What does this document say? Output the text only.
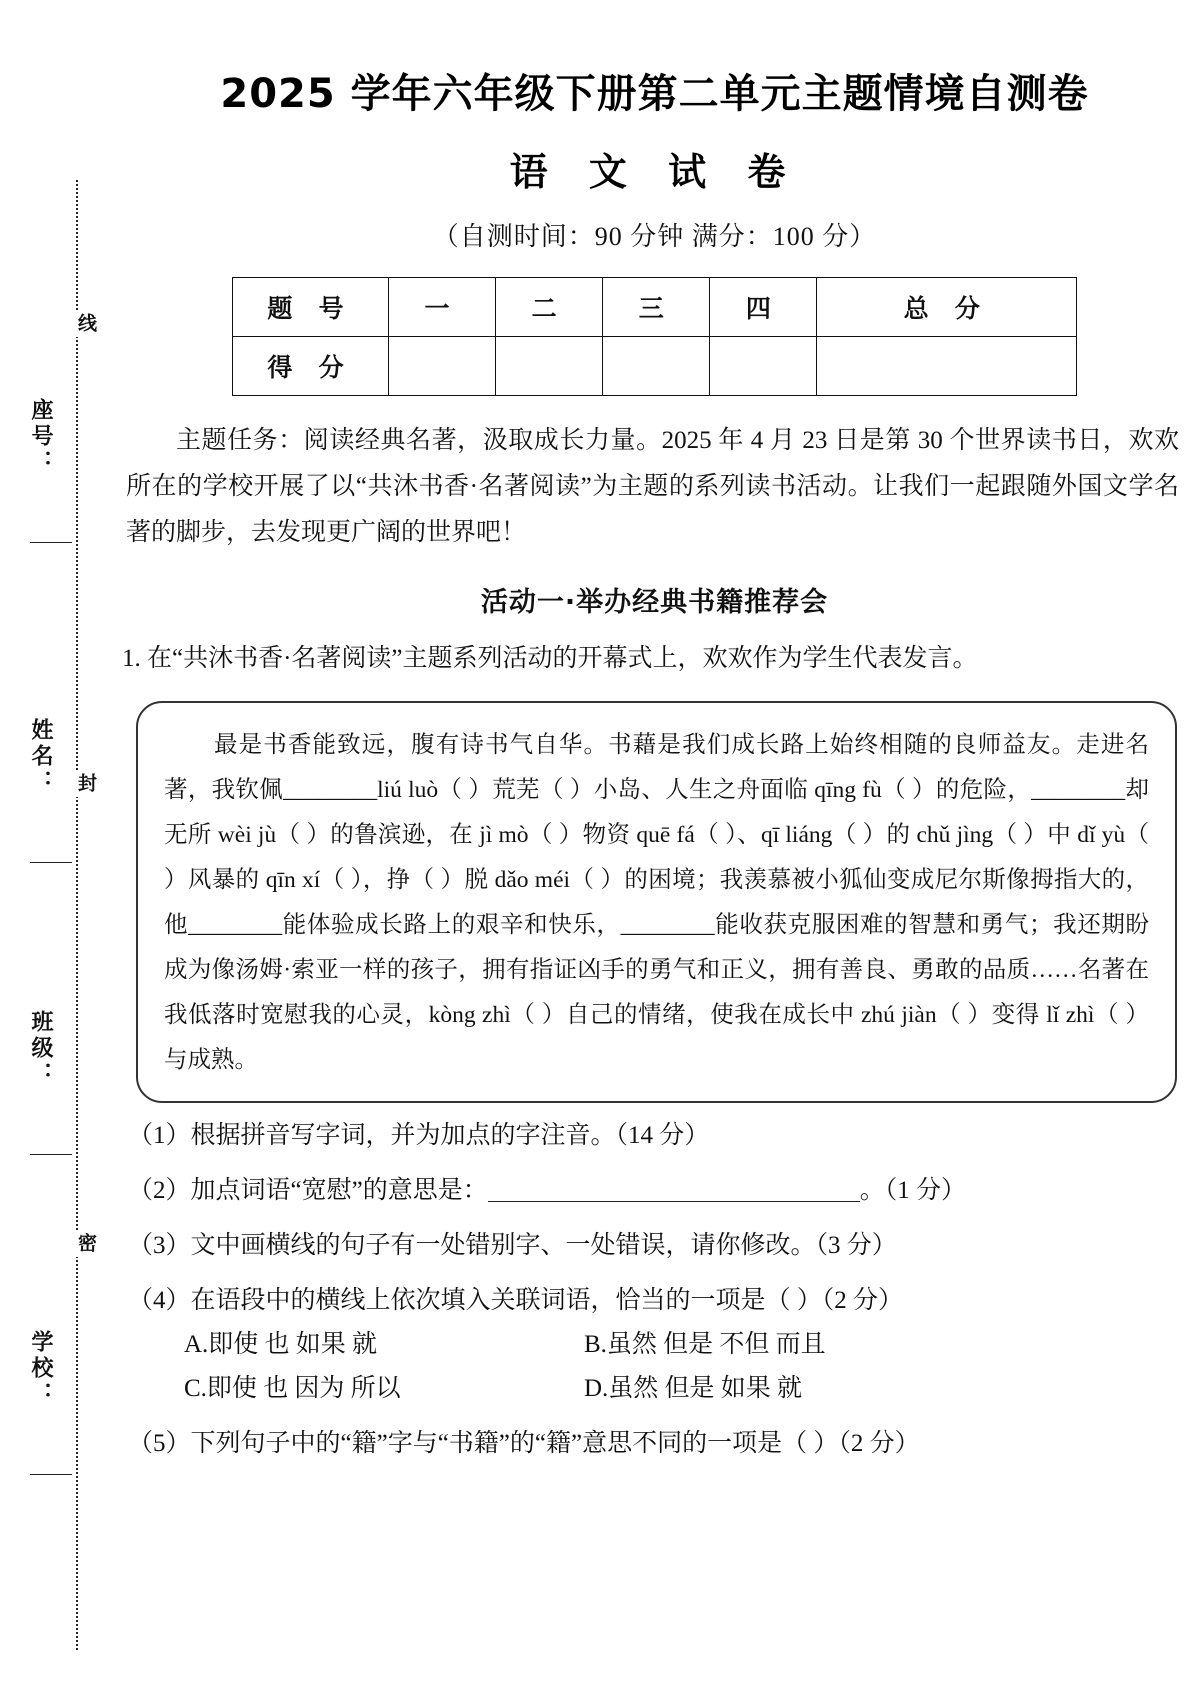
线
封
密
座号：
姓名：
班级：
学校：
2025 学年六年级下册第二单元主题情境自测卷
语 文 试 卷
（自测时间：90 分钟 满分：100 分）
题 号	一	二	三	四	总 分
得 分					
主题任务：阅读经典名著，汲取成长力量。2025 年 4 月 23 日是第 30 个世界读书日，欢欢所在的学校开展了以“共沐书香·名著阅读”为主题的系列读书活动。让我们一起跟随外国文学名著的脚步，去发现更广阔的世界吧！
活动一·举办经典书籍推荐会
1. 在“共沐书香·名著阅读”主题系列活动的开幕式上，欢欢作为学生代表发言。

最是书香能致远，腹有诗书气自华。书藉是我们成长路上始终相随的良师益友。走进名著，我钦佩________liú luò（ ）荒芜（ ）小岛、人生之舟面临 qīng fù（ ）的危险，________却无所 wèi jù（ ）的鲁滨逊，在 jì mò（ ）物资 quē fá（ ）、qī liáng（ ）的 chǔ jìng（ ）中 dǐ yù（ ）风暴的 qīn xí（ ），挣（ ）脱 dǎo méi（ ）的困境；我羡慕被小狐仙变成尼尔斯像拇指大的，他________能体验成长路上的艰辛和快乐，________能收获克服困难的智慧和勇气；我还期盼成为像汤姆·索亚一样的孩子，拥有指证凶手的勇气和正义，拥有善良、勇敢的品质……名著在我低落时宽慰我的心灵，kòng zhì（ ）自己的情绪，使我在成长中 zhú jiàn（ ）变得 lǐ zhì（ ）与成熟。

（1）根据拼音写字词，并为加点的字注音。（14 分）
（2）加点词语“宽慰”的意思是：	。（1 分）
（3）文中画横线的句子有一处错别字、一处错误，请你修改。（3 分）
（4）在语段中的横线上依次填入关联词语，恰当的一项是（ ）（2 分）
A.即使 也 如果 就	B.虽然 但是 不但 而且
C.即使 也 因为 所以	D.虽然 但是 如果 就
（5）下列句子中的“籍”字与“书籍”的“籍”意思不同的一项是（ ）（2 分）
